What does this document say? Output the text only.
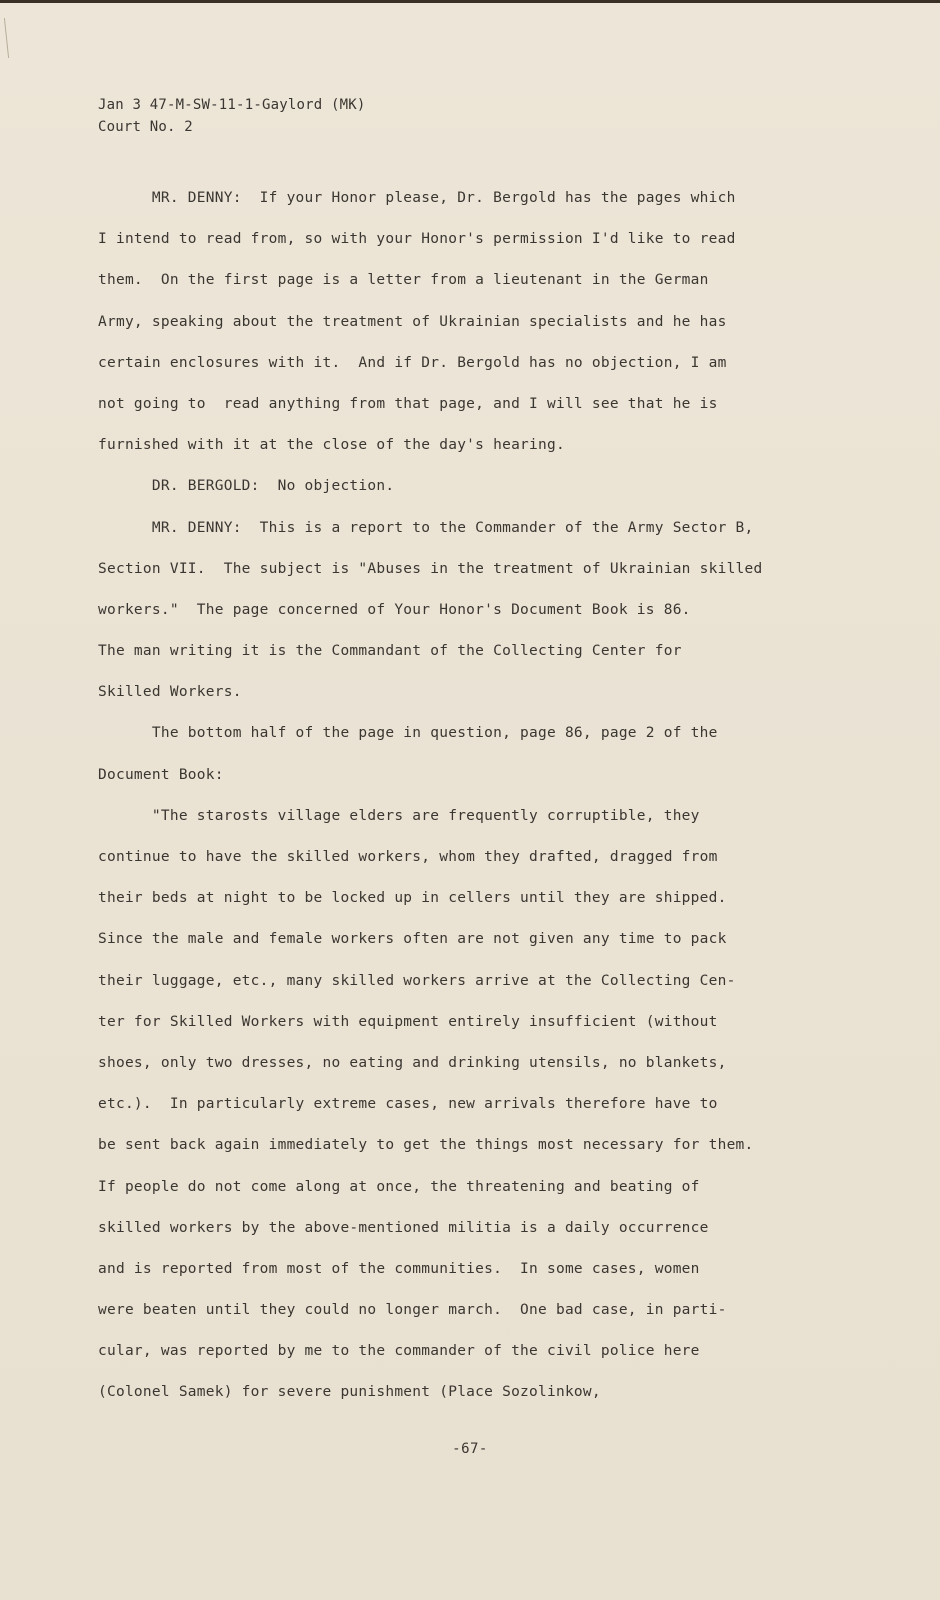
Jan 3 47-M-SW-11-1-Gaylord (MK)
Court No. 2
MR. DENNY:  If your Honor please, Dr. Bergold has the pages which
I intend to read from, so with your Honor's permission I'd like to read
them.  On the first page is a letter from a lieutenant in the German
Army, speaking about the treatment of Ukrainian specialists and he has
certain enclosures with it.  And if Dr. Bergold has no objection, I am
not going to  read anything from that page, and I will see that he is
furnished with it at the close of the day's hearing.
DR. BERGOLD:  No objection.
MR. DENNY:  This is a report to the Commander of the Army Sector B,
Section VII.  The subject is "Abuses in the treatment of Ukrainian skilled
workers."  The page concerned of Your Honor's Document Book is 86.
The man writing it is the Commandant of the Collecting Center for
Skilled Workers.
The bottom half of the page in question, page 86, page 2 of the
Document Book:
"The starosts village elders are frequently corruptible, they
continue to have the skilled workers, whom they drafted, dragged from
their beds at night to be locked up in cellers until they are shipped.
Since the male and female workers often are not given any time to pack
their luggage, etc., many skilled workers arrive at the Collecting Cen-
ter for Skilled Workers with equipment entirely insufficient (without
shoes, only two dresses, no eating and drinking utensils, no blankets,
etc.).  In particularly extreme cases, new arrivals therefore have to
be sent back again immediately to get the things most necessary for them.
If people do not come along at once, the threatening and beating of
skilled workers by the above-mentioned militia is a daily occurrence
and is reported from most of the communities.  In some cases, women
were beaten until they could no longer march.  One bad case, in parti-
cular, was reported by me to the commander of the civil police here
(Colonel Samek) for severe punishment (Place Sozolinkow,
-67-
